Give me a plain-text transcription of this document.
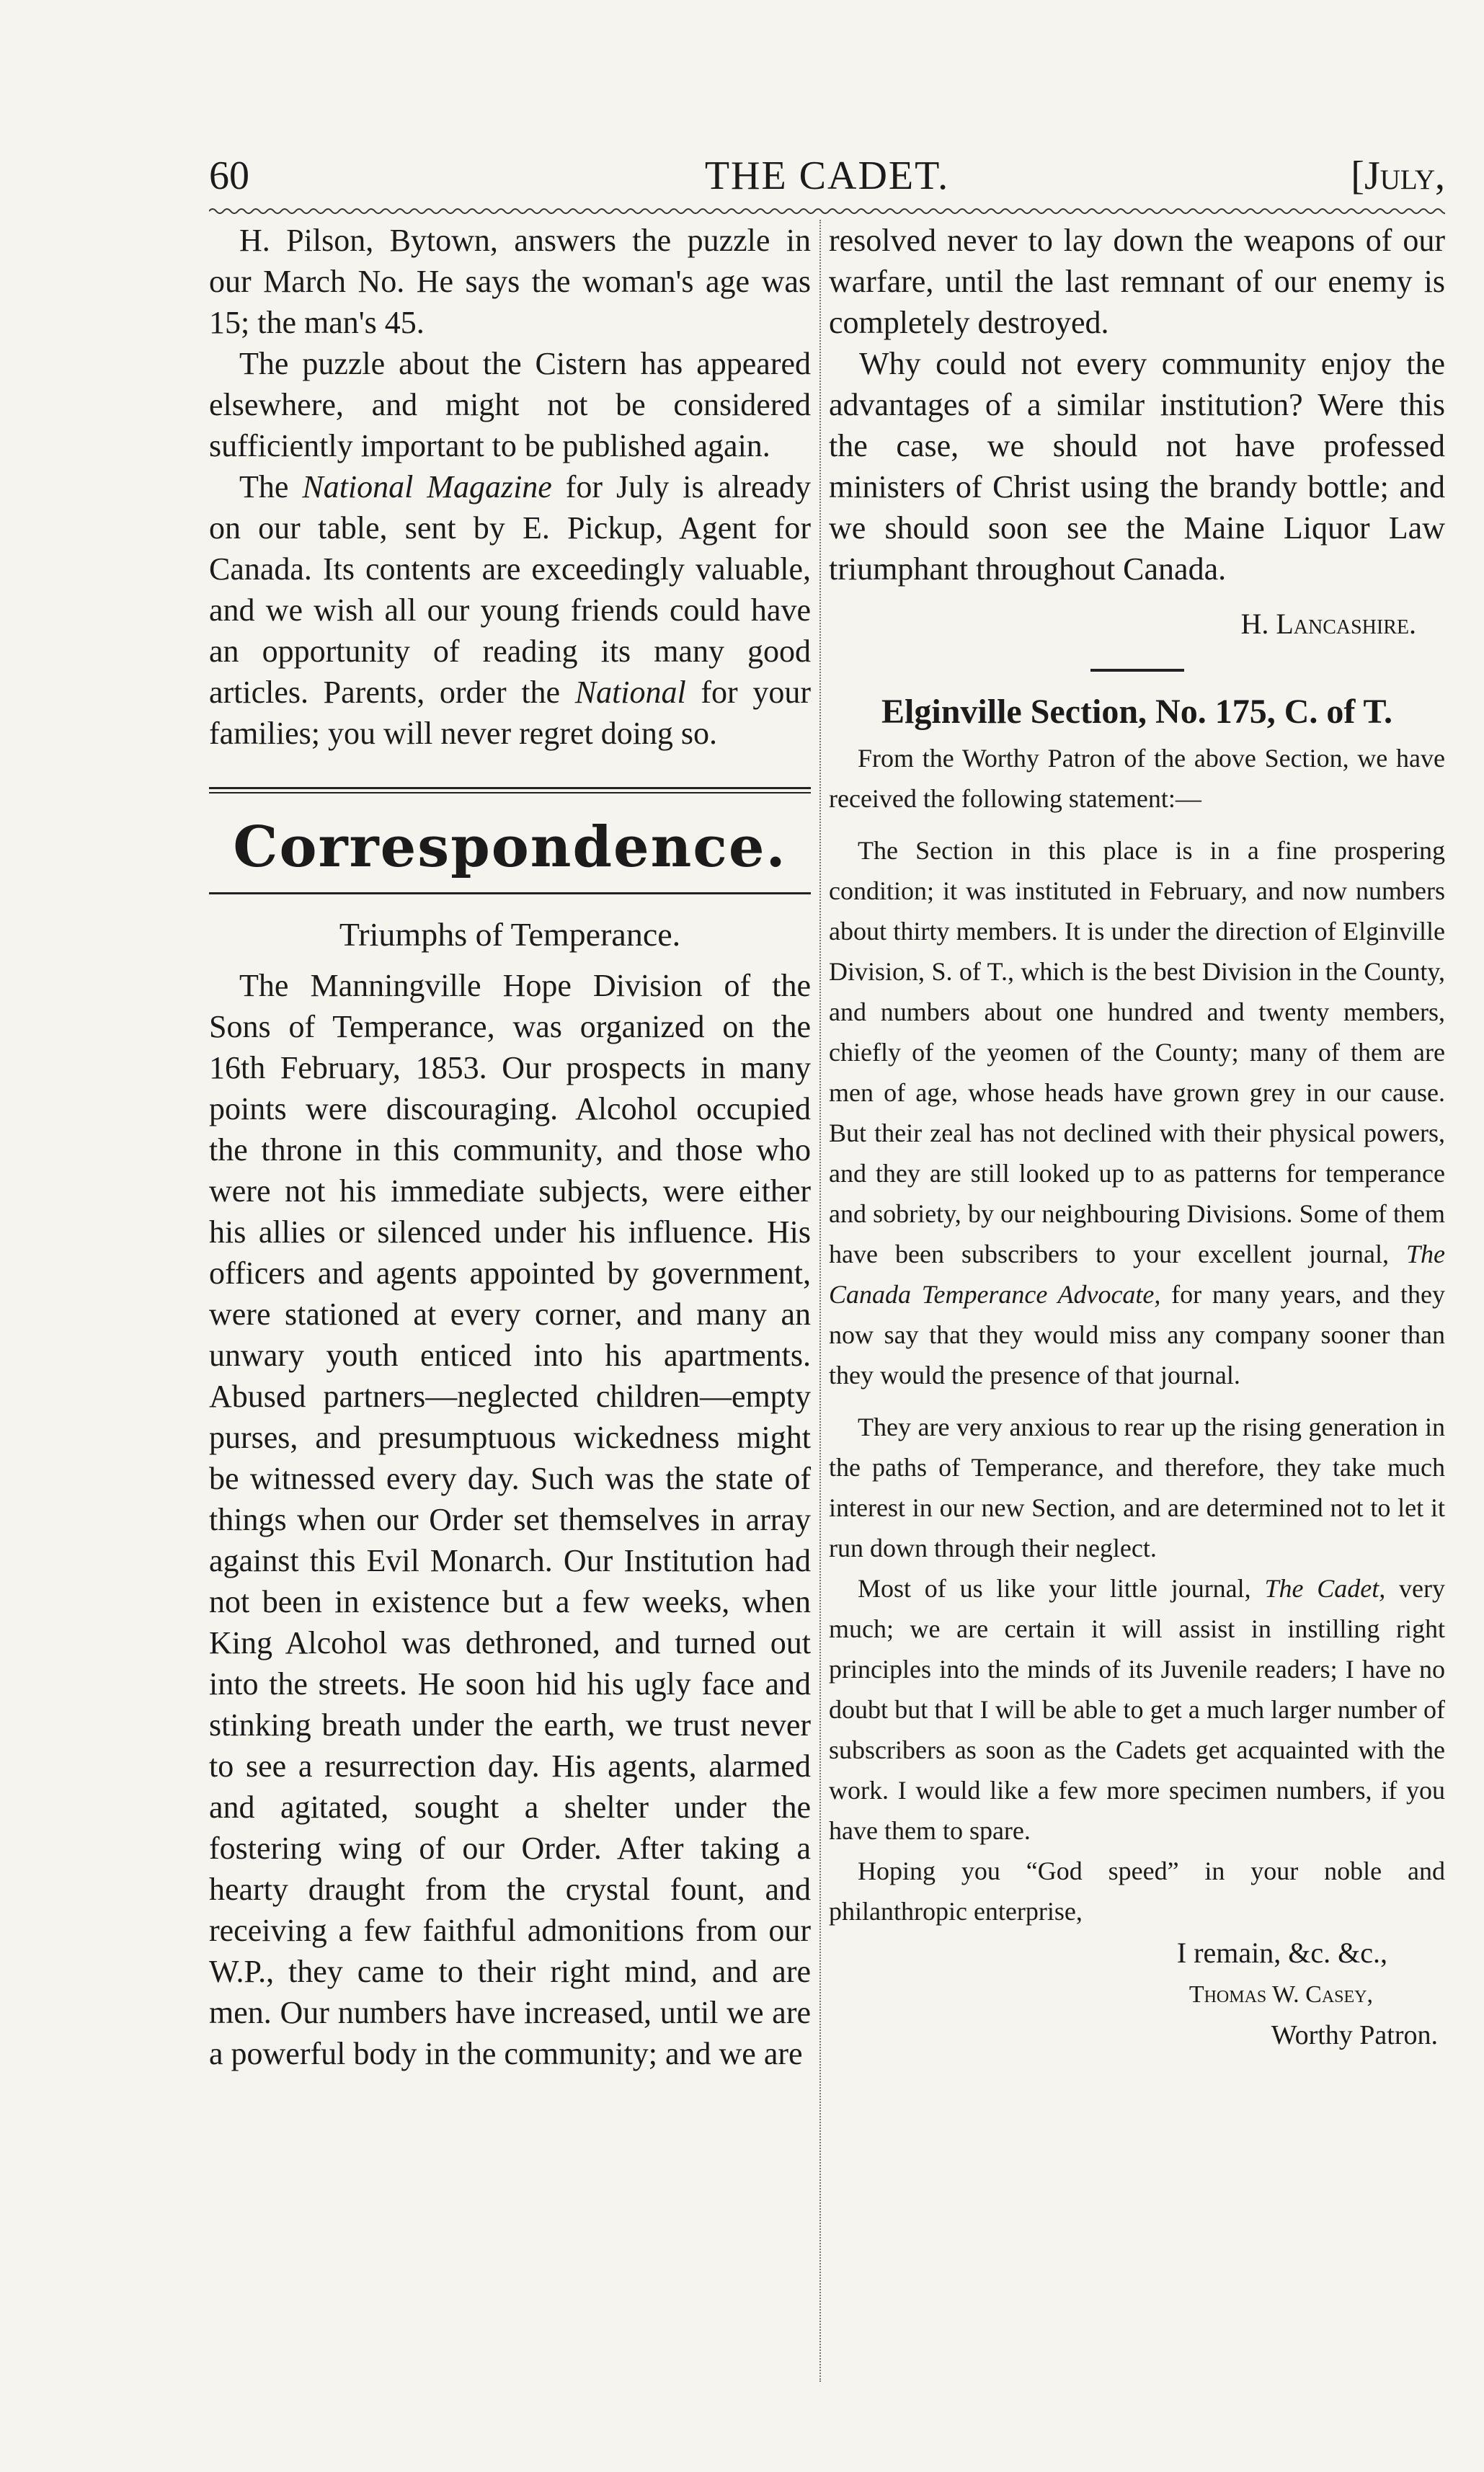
60	THE CADET.	[July,

H. Pilson, Bytown, answers the puzzle in our March No. He says the woman's age was 15; the man's 45.

The puzzle about the Cistern has appeared elsewhere, and might not be considered sufficiently important to be published again.

The National Magazine for July is already on our table, sent by E. Pickup, Agent for Canada. Its contents are exceedingly valuable, and we wish all our young friends could have an opportunity of reading its many good articles. Parents, order the National for your families; you will never regret doing so.

Correspondence.
Triumphs of Temperance.

The Manningville Hope Division of the Sons of Temperance, was organized on the 16th February, 1853. Our prospects in many points were discouraging. Alcohol occupied the throne in this community, and those who were not his immediate subjects, were either his allies or silenced under his influence. His officers and agents appointed by government, were stationed at every corner, and many an unwary youth enticed into his apartments. Abused partners—neglected children—empty purses, and presumptuous wickedness might be witnessed every day. Such was the state of things when our Order set themselves in array against this Evil Monarch. Our Institution had not been in existence but a few weeks, when King Alcohol was dethroned, and turned out into the streets. He soon hid his ugly face and stinking breath under the earth, we trust never to see a resurrection day. His agents, alarmed and agitated, sought a shelter under the fostering wing of our Order. After taking a hearty draught from the crystal fount, and receiving a few faithful admonitions from our W.P., they came to their right mind, and are men. Our numbers have increased, until we are a powerful body in the community; and we are

resolved never to lay down the weapons of our warfare, until the last remnant of our enemy is completely destroyed.

Why could not every community enjoy the advantages of a similar institution? Were this the case, we should not have professed ministers of Christ using the brandy bottle; and we should soon see the Maine Liquor Law triumphant throughout Canada.

H. Lancashire.
Elginville Section, No. 175, C. of T.

From the Worthy Patron of the above Section, we have received the following statement:—

The Section in this place is in a fine prospering condition; it was instituted in February, and now numbers about thirty members. It is under the direction of Elginville Division, S. of T., which is the best Division in the County, and numbers about one hundred and twenty members, chiefly of the yeomen of the County; many of them are men of age, whose heads have grown grey in our cause. But their zeal has not declined with their physical powers, and they are still looked up to as patterns for temperance and sobriety, by our neighbouring Divisions. Some of them have been subscribers to your excellent journal, The Canada Temperance Advocate, for many years, and they now say that they would miss any company sooner than they would the presence of that journal.

They are very anxious to rear up the rising generation in the paths of Temperance, and therefore, they take much interest in our new Section, and are determined not to let it run down through their neglect.

Most of us like your little journal, The Cadet, very much; we are certain it will assist in instilling right principles into the minds of its Juvenile readers; I have no doubt but that I will be able to get a much larger number of subscribers as soon as the Cadets get acquainted with the work. I would like a few more specimen numbers, if you have them to spare.

Hoping you “God speed” in your noble and philanthropic enterprise,

I remain, &c. &c.,
Thomas W. Casey,
Worthy Patron.
